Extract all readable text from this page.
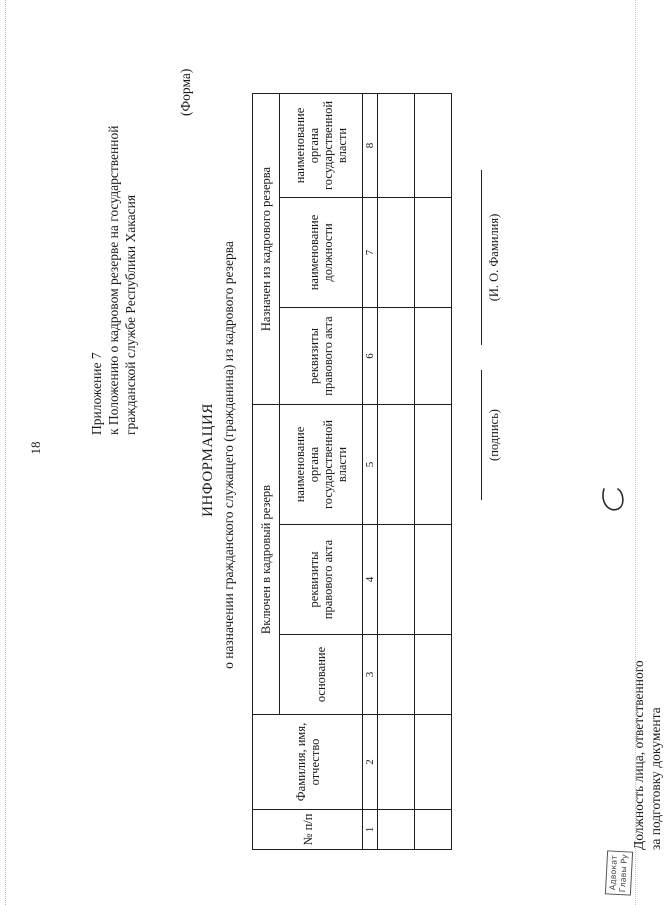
18
Приложение 7 к Положению о кадровом резерве на государственной гражданской службе Республики Хакасия
(Форма)
ИНФОРМАЦИЯ о назначении гражданского служащего (гражданина) из кадрового резерва
№ п/п	Фамилия, имя, отчество	Включен в кадровый резерв			Назначен из кадрового резерва		
		основание	реквизиты правового акта	наименование органа государственной власти	реквизиты правового акта	наименование должности	наименование органа государственной власти
1	2	3	4	5	6	7	8

Должность лица, ответственного за подготовку документа
(подпись)
(И. О. Фамилия)
Адвокат Главы Ру
